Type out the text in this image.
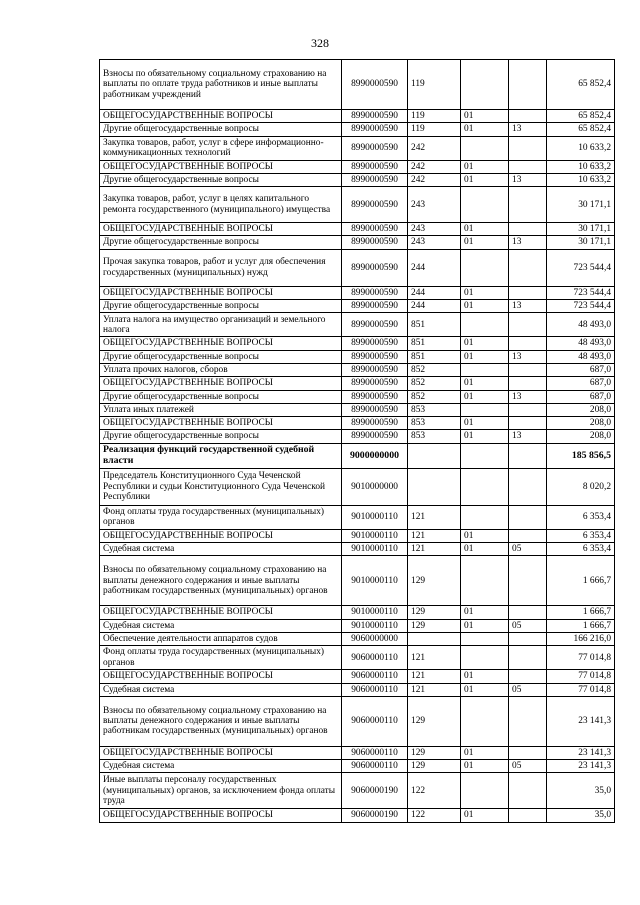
328
Взносы по обязательному социальному страхованию на выплаты по оплате труда работников и иные выплаты работникам учреждений	8990000590	119			65 852,4
ОБЩЕГОСУДАРСТВЕННЫЕ ВОПРОСЫ	8990000590	119	01		65 852,4
Другие общегосударственные вопросы	8990000590	119	01	13	65 852,4
Закупка товаров, работ, услуг в сфере информационно-коммуникационных технологий	8990000590	242			10 633,2
ОБЩЕГОСУДАРСТВЕННЫЕ ВОПРОСЫ	8990000590	242	01		10 633,2
Другие общегосударственные вопросы	8990000590	242	01	13	10 633,2
Закупка товаров, работ, услуг в целях капитального ремонта государственного (муниципального) имущества	8990000590	243			30 171,1
ОБЩЕГОСУДАРСТВЕННЫЕ ВОПРОСЫ	8990000590	243	01		30 171,1
Другие общегосударственные вопросы	8990000590	243	01	13	30 171,1
Прочая закупка товаров, работ и услуг для обеспечения государственных (муниципальных) нужд	8990000590	244			723 544,4
ОБЩЕГОСУДАРСТВЕННЫЕ ВОПРОСЫ	8990000590	244	01		723 544,4
Другие общегосударственные вопросы	8990000590	244	01	13	723 544,4
Уплата налога на имущество организаций и земельного налога	8990000590	851			48 493,0
ОБЩЕГОСУДАРСТВЕННЫЕ ВОПРОСЫ	8990000590	851	01		48 493,0
Другие общегосударственные вопросы	8990000590	851	01	13	48 493,0
Уплата прочих налогов, сборов	8990000590	852			687,0
ОБЩЕГОСУДАРСТВЕННЫЕ ВОПРОСЫ	8990000590	852	01		687,0
Другие общегосударственные вопросы	8990000590	852	01	13	687,0
Уплата иных платежей	8990000590	853			208,0
ОБЩЕГОСУДАРСТВЕННЫЕ ВОПРОСЫ	8990000590	853	01		208,0
Другие общегосударственные вопросы	8990000590	853	01	13	208,0
Реализация функций государственной судебной власти	9000000000				185 856,5
Председатель Конституционного Суда Чеченской Республики и судьи Конституционного Суда Чеченской Республики	9010000000				8 020,2
Фонд оплаты труда государственных (муниципальных) органов	9010000110	121			6 353,4
ОБЩЕГОСУДАРСТВЕННЫЕ ВОПРОСЫ	9010000110	121	01		6 353,4
Судебная система	9010000110	121	01	05	6 353,4
Взносы по обязательному социальному страхованию на выплаты денежного содержания и иные выплаты работникам государственных (муниципальных) органов	9010000110	129			1 666,7
ОБЩЕГОСУДАРСТВЕННЫЕ ВОПРОСЫ	9010000110	129	01		1 666,7
Судебная система	9010000110	129	01	05	1 666,7
Обеспечение деятельности аппаратов судов	9060000000				166 216,0
Фонд оплаты труда государственных (муниципальных) органов	9060000110	121			77 014,8
ОБЩЕГОСУДАРСТВЕННЫЕ ВОПРОСЫ	9060000110	121	01		77 014,8
Судебная система	9060000110	121	01	05	77 014,8
Взносы по обязательному социальному страхованию на выплаты денежного содержания и иные выплаты работникам государственных (муниципальных) органов	9060000110	129			23 141,3
ОБЩЕГОСУДАРСТВЕННЫЕ ВОПРОСЫ	9060000110	129	01		23 141,3
Судебная система	9060000110	129	01	05	23 141,3
Иные выплаты персоналу государственных (муниципальных) органов, за исключением фонда оплаты труда	9060000190	122			35,0
ОБЩЕГОСУДАРСТВЕННЫЕ ВОПРОСЫ	9060000190	122	01		35,0
